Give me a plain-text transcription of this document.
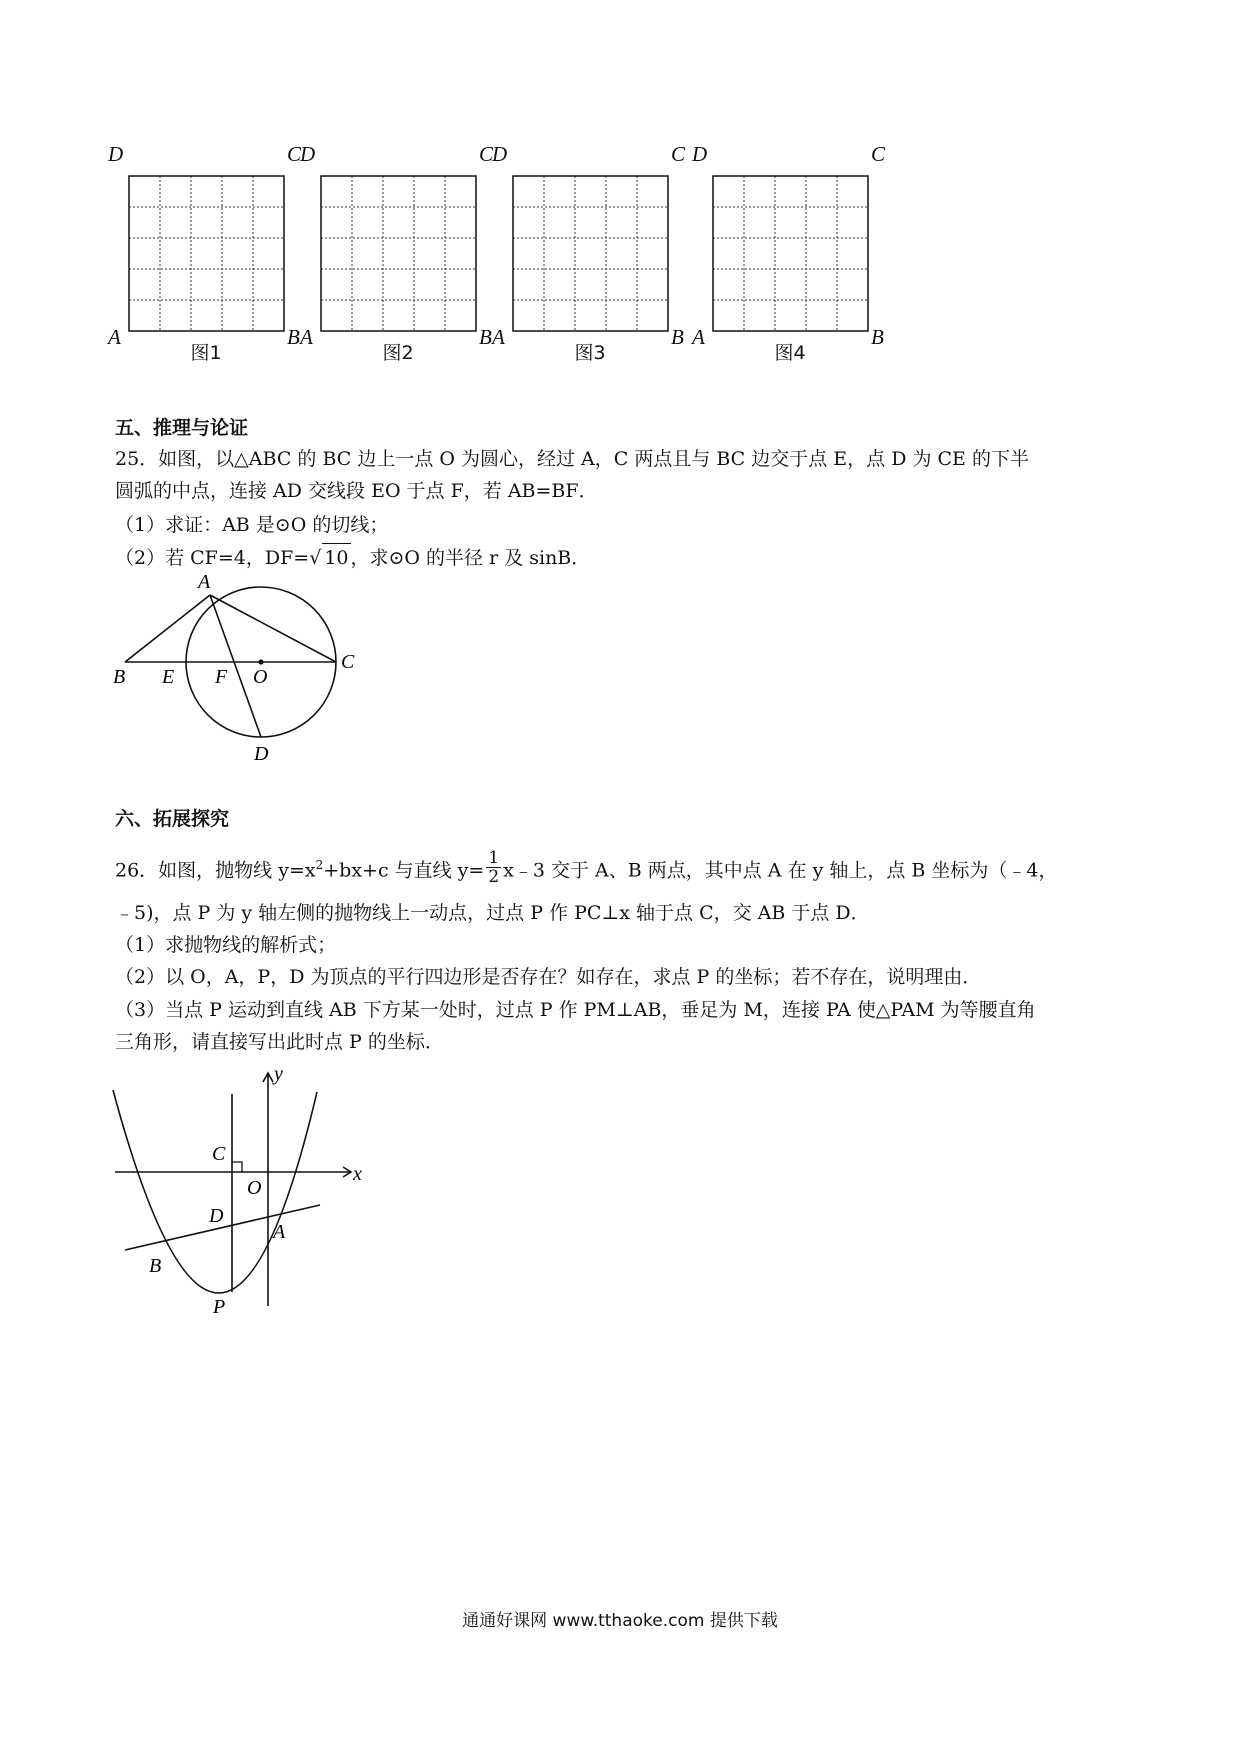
D	C
A	B
图1
D	C
A	B
图2
D	C
A	B
图3
D	C
A	B
图4
五、推理与论证
25．如图，以△ABC 的 BC 边上一点 O 为圆心，经过 A，C 两点且与 BC 边交于点 E，点 D 为 CE 的下半
圆弧的中点，连接 AD 交线段 EO 于点 F，若 AB=BF．
（1）求证：AB 是⊙O 的切线；
（2）若 CF=4，DF=√ 10 ，求⊙O 的半径 r 及 sinB．
A
B E F O
C
D
六、拓展探究
26．如图，抛物线 $y=x^2+bx+c$ 与直线 $y= \frac{1}{2}$ x﹣3 交于 A、B 两点，其中点 A 在 y 轴上，点 B 坐标为（﹣4，
﹣5)，点 P 为 y 轴左侧的抛物线上一动点，过点 P 作 PC⊥x 轴于点 C，交 AB 于点 D．
（1）求抛物线的解析式；
（2）以 O，A，P，D 为顶点的平行四边形是否存在？如存在，求点 P 的坐标；若不存在，说明理由．
（3）当点 P 运动到直线 AB 下方某一处时，过点 P 作 PM⊥AB，垂足为 M，连接 PA 使△PAM 为等腰直角
三角形，请直接写出此时点 P 的坐标．
y
x
C
O
D
A
B
P
通通好课网 www.tthaoke.com 提供下载
